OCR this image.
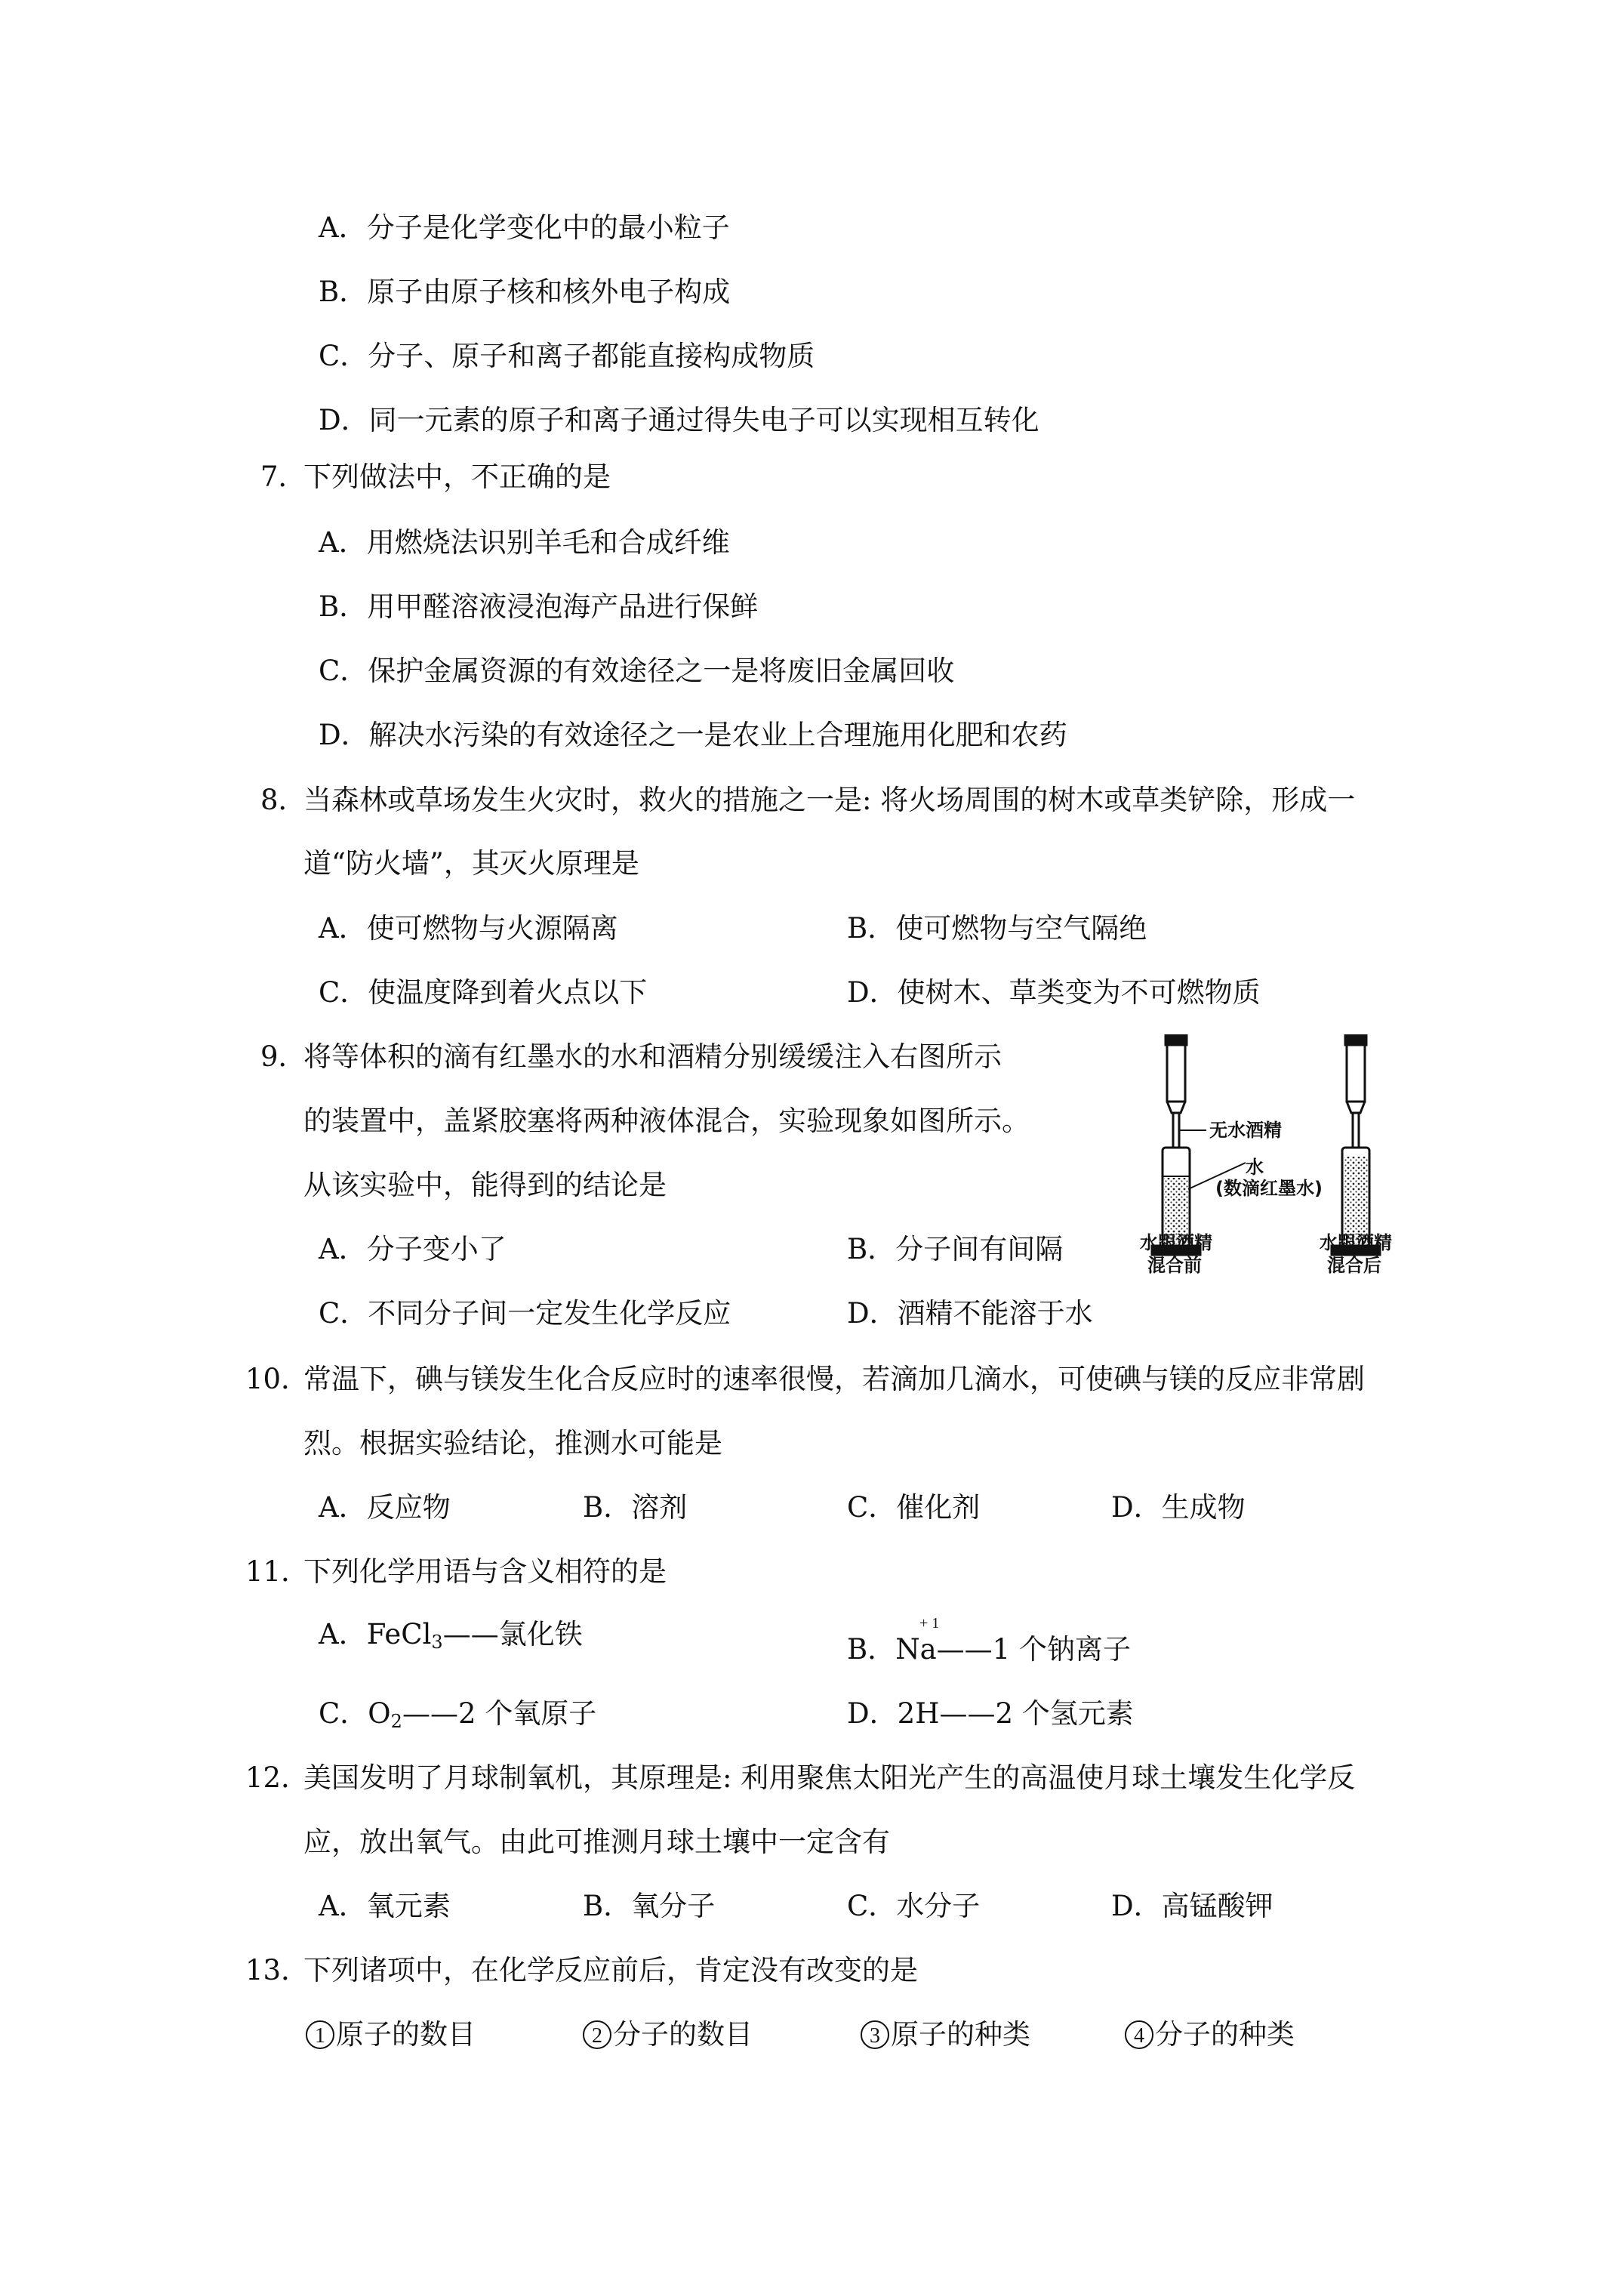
A．分子是化学变化中的最小粒子
B．原子由原子核和核外电子构成
C．分子、原子和离子都能直接构成物质
D．同一元素的原子和离子通过得失电子可以实现相互转化
7．
下列做法中，不正确的是
A．用燃烧法识别羊毛和合成纤维
B．用甲醛溶液浸泡海产品进行保鲜
C．保护金属资源的有效途径之一是将废旧金属回收
D．解决水污染的有效途径之一是农业上合理施用化肥和农药
8．
当森林或草场发生火灾时，救火的措施之一是: 将火场周围的树木或草类铲除，形成一
道“防火墙”，其灭火原理是
A．使可燃物与火源隔离	B．使可燃物与空气隔绝
C．使温度降到着火点以下	D．使树木、草类变为不可燃物质
9．
将等体积的滴有红墨水的水和酒精分别缓缓注入右图所示
的装置中，盖紧胶塞将两种液体混合，实验现象如图所示。
从该实验中，能得到的结论是
A．分子变小了	B．分子间有间隔
C．不同分子间一定发生化学反应	D．酒精不能溶于水
无水酒精
水
(数滴红墨水)
水跟酒精
混合前
水跟酒精
混合后
10．
常温下，碘与镁发生化合反应时的速率很慢，若滴加几滴水，可使碘与镁的反应非常剧
烈。根据实验结论，推测水可能是
A．反应物	B．溶剂	C．催化剂	D．生成物
11．
下列化学用语与含义相符的是
A．FeCl$_3$——氯化铁	+ 1
B．Na——1 个钠离子
C．$O_2——2$ 个氧原子	D．2H——2 个氢元素
12．
美国发明了月球制氧机，其原理是: 利用聚焦太阳光产生的高温使月球土壤发生化学反
应，放出氧气。由此可推测月球土壤中一定含有
A．氧元素	B．氧分子	C．水分子	D．高锰酸钾
13．
下列诸项中，在化学反应前后，肯定没有改变的是
1 原子的数目	2 分子的数目	3 原子的种类	4 分子的种类
